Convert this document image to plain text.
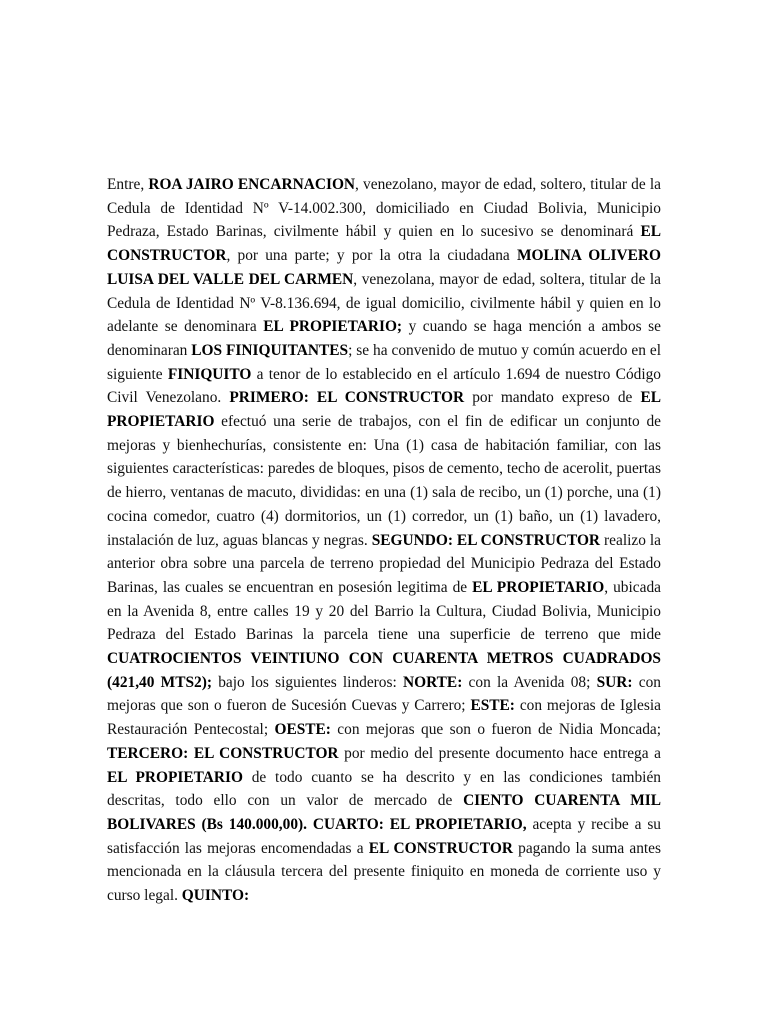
Entre, ROA JAIRO ENCARNACION, venezolano, mayor de edad, soltero, titular de la Cedula de Identidad Nº V-14.002.300, domiciliado en Ciudad Bolivia, Municipio Pedraza, Estado Barinas, civilmente hábil y quien en lo sucesivo se denominará EL CONSTRUCTOR, por una parte; y por la otra la ciudadana MOLINA OLIVERO LUISA DEL VALLE DEL CARMEN, venezolana, mayor de edad, soltera, titular de la Cedula de Identidad Nº V-8.136.694, de igual domicilio, civilmente hábil y quien en lo adelante se denominara EL PROPIETARIO; y cuando se haga mención a ambos se denominaran LOS FINIQUITANTES; se ha convenido de mutuo y común acuerdo en el siguiente FINIQUITO a tenor de lo establecido en el artículo 1.694 de nuestro Código Civil Venezolano. PRIMERO: EL CONSTRUCTOR por mandato expreso de EL PROPIETARIO efectuó una serie de trabajos, con el fin de edificar un conjunto de mejoras y bienhechurías, consistente en: Una (1) casa de habitación familiar, con las siguientes características: paredes de bloques, pisos de cemento, techo de acerolit, puertas de hierro, ventanas de macuto, divididas: en una (1) sala de recibo, un (1) porche, una (1) cocina comedor, cuatro (4) dormitorios, un (1) corredor, un (1) baño, un (1) lavadero, instalación de luz, aguas blancas y negras. SEGUNDO: EL CONSTRUCTOR realizo la anterior obra sobre una parcela de terreno propiedad del Municipio Pedraza del Estado Barinas, las cuales se encuentran en posesión legitima de EL PROPIETARIO, ubicada en la Avenida 8, entre calles 19 y 20 del Barrio la Cultura, Ciudad Bolivia, Municipio Pedraza del Estado Barinas la parcela tiene una superficie de terreno que mide CUATROCIENTOS VEINTIUNO CON CUARENTA METROS CUADRADOS (421,40 MTS2); bajo los siguientes linderos: NORTE: con la Avenida 08; SUR: con mejoras que son o fueron de Sucesión Cuevas y Carrero; ESTE: con mejoras de Iglesia Restauración Pentecostal; OESTE: con mejoras que son o fueron de Nidia Moncada; TERCERO: EL CONSTRUCTOR por medio del presente documento hace entrega a EL PROPIETARIO de todo cuanto se ha descrito y en las condiciones también descritas, todo ello con un valor de mercado de CIENTO CUARENTA MIL BOLIVARES (Bs 140.000,00). CUARTO: EL PROPIETARIO, acepta y recibe a su satisfacción las mejoras encomendadas a EL CONSTRUCTOR pagando la suma antes mencionada en la cláusula tercera del presente finiquito en moneda de corriente uso y curso legal. QUINTO:
